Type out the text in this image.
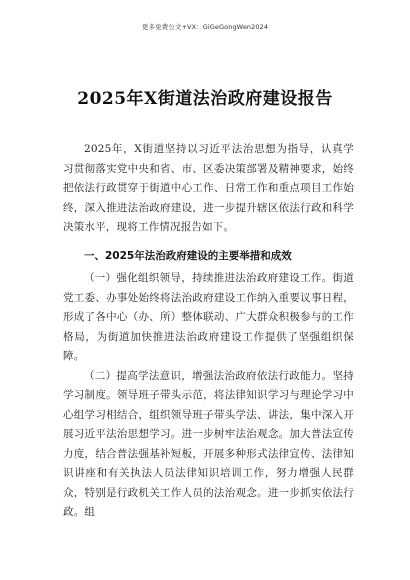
更多免费公文+VX：GiGeGongWen2024
2025年X街道法治政府建设报告

2025年，X街道坚持以习近平法治思想为指导，认真学习贯彻落实党中央和省、市、区委决策部署及精神要求，始终把依法行政贯穿于街道中心工作、日常工作和重点项目工作始终，深入推进法治政府建设，进一步提升辖区依法行政和科学决策水平，现将工作情况报告如下。

一、2025年法治政府建设的主要举措和成效

（一）强化组织领导，持续推进法治政府建设工作。街道党工委、办事处始终将法治政府建设工作纳入重要议事日程，形成了各中心（办、所）整体联动、广大群众积极参与的工作格局，为街道加快推进法治政府建设工作提供了坚强组织保障。

（二）提高学法意识，增强法治政府依法行政能力。坚持学习制度。领导班子带头示范，将法律知识学习与理论学习中心组学习相结合，组织领导班子带头学法、讲法，集中深入开展习近平法治思想学习。进一步树牢法治观念。加大普法宣传力度，结合普法强基补短板，开展多种形式法律宣传、法律知识讲座和有关执法人员法律知识培训工作，努力增强人民群众，特别是行政机关工作人员的法治观念。进一步抓实依法行政。组
